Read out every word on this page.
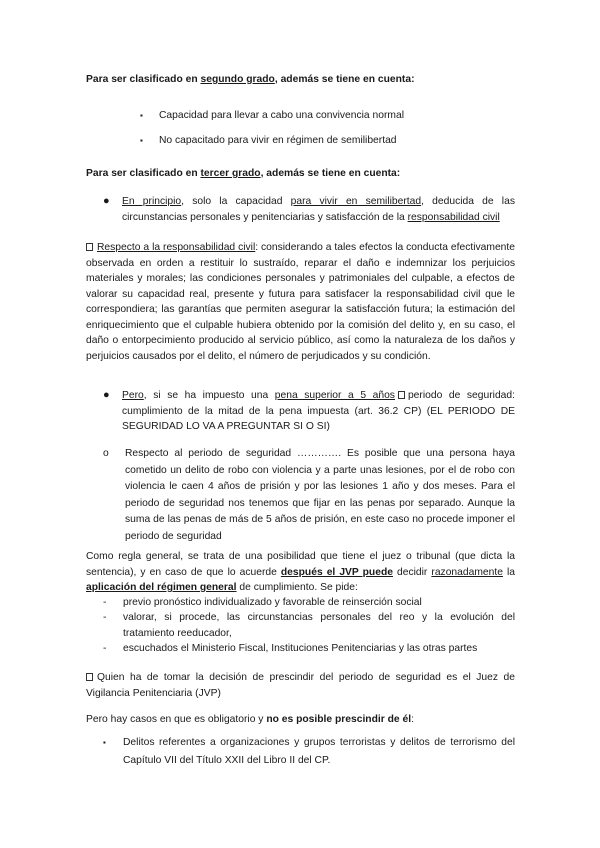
Para ser clasificado en segundo grado, además se tiene en cuenta:
▪ Capacidad para llevar a cabo una convivencia normal
▪ No capacitado para vivir en régimen de semilibertad
Para ser clasificado en tercer grado, además se tiene en cuenta:
● En principio, solo la capacidad para vivir en semilibertad, deducida de las circunstancias personales y penitenciarias y satisfacción de la responsabilidad civil
Respecto a la responsabilidad civil: considerando a tales efectos la conducta efectivamente observada en orden a restituir lo sustraído, reparar el daño e indemnizar los perjuicios materiales y morales; las condiciones personales y patrimoniales del culpable, a efectos de valorar su capacidad real, presente y futura para satisfacer la responsabilidad civil que le correspondiera; las garantías que permiten asegurar la satisfacción futura; la estimación del enriquecimiento que el culpable hubiera obtenido por la comisión del delito y, en su caso, el daño o entorpecimiento producido al servicio público, así como la naturaleza de los daños y perjuicios causados por el delito, el número de perjudicados y su condición.
● Pero, si se ha impuesto una pena superior a 5 años periodo de seguridad: cumplimiento de la mitad de la pena impuesta (art. 36.2 CP) (EL PERIODO DE SEGURIDAD LO VA A PREGUNTAR SI O SI)
o Respecto al periodo de seguridad …………. Es posible que una persona haya cometido un delito de robo con violencia y a parte unas lesiones, por el de robo con violencia le caen 4 años de prisión y por las lesiones 1 año y dos meses. Para el periodo de seguridad nos tenemos que fijar en las penas por separado. Aunque la suma de las penas de más de 5 años de prisión, en este caso no procede imponer el periodo de seguridad
Como regla general, se trata de una posibilidad que tiene el juez o tribunal (que dicta la sentencia), y en caso de que lo acuerde después el JVP puede decidir razonadamente la aplicación del régimen general de cumplimiento. Se pide:
- previo pronóstico individualizado y favorable de reinserción social
- valorar, si procede, las circunstancias personales del reo y la evolución del tratamiento reeducador,
- escuchados el Ministerio Fiscal, Instituciones Penitenciarias y las otras partes
Quien ha de tomar la decisión de prescindir del periodo de seguridad es el Juez de Vigilancia Penitenciaria (JVP)
Pero hay casos en que es obligatorio y no es posible prescindir de él:
▪ Delitos referentes a organizaciones y grupos terroristas y delitos de terrorismo del Capítulo VII del Título XXII del Libro II del CP.
